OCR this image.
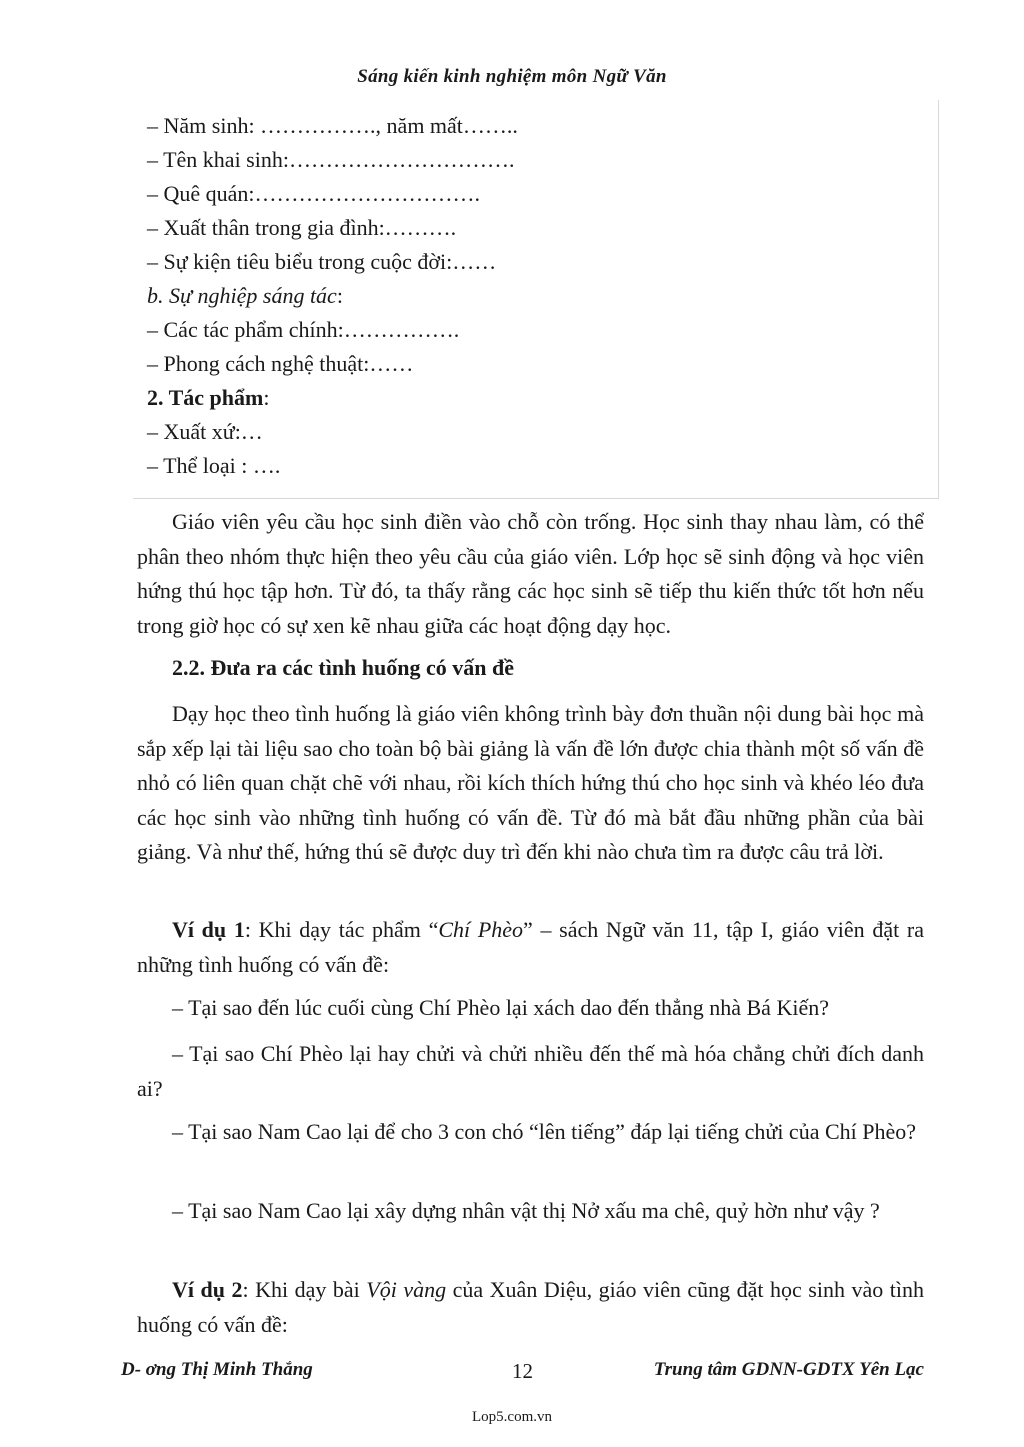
Sáng kiến kinh nghiệm môn Ngữ Văn
– Năm sinh: ……………., năm mất……..
– Tên khai sinh:………………………….
– Quê quán:………………………….
– Xuất thân trong gia đình:……….
– Sự kiện tiêu biểu trong cuộc đời:……
b. Sự nghiệp sáng tác:
– Các tác phẩm chính:…………….
– Phong cách nghệ thuật:……
2. Tác phẩm:
– Xuất xứ:…
– Thể loại : ….

Giáo viên yêu cầu học sinh điền vào chỗ còn trống. Học sinh thay nhau làm, có thể phân theo nhóm thực hiện theo yêu cầu của giáo viên. Lớp học sẽ sinh động và học viên hứng thú học tập hơn. Từ đó, ta thấy rằng các học sinh sẽ tiếp thu kiến thức tốt hơn nếu trong giờ học có sự xen kẽ nhau giữa các hoạt động dạy học.

2.2. Đưa ra các tình huống có vấn đề

Dạy học theo tình huống là giáo viên không trình bày đơn thuần nội dung bài học mà sắp xếp lại tài liệu sao cho toàn bộ bài giảng là vấn đề lớn được chia thành một số vấn đề nhỏ có liên quan chặt chẽ với nhau, rồi kích thích hứng thú cho học sinh và khéo léo đưa các học sinh vào những tình huống có vấn đề. Từ đó mà bắt đầu những phần của bài giảng. Và như thế, hứng thú sẽ được duy trì đến khi nào chưa tìm ra được câu trả lời.

Ví dụ 1: Khi dạy tác phẩm “Chí Phèo” – sách Ngữ văn 11, tập I, giáo viên đặt ra những tình huống có vấn đề:

– Tại sao đến lúc cuối cùng Chí Phèo lại xách dao đến thẳng nhà Bá Kiến?

– Tại sao Chí Phèo lại hay chửi và chửi nhiều đến thế mà hóa chẳng chửi đích danh ai?

– Tại sao Nam Cao lại để cho 3 con chó “lên tiếng” đáp lại tiếng chửi của Chí Phèo?

– Tại sao Nam Cao lại xây dựng nhân vật thị Nở xấu ma chê, quỷ hờn như vậy ?

Ví dụ 2: Khi dạy bài Vội vàng của Xuân Diệu, giáo viên cũng đặt học sinh vào tình huống có vấn đề:

D- ơng Thị Minh Thắng	12	Trung tâm GDNN-GDTX Yên Lạc
Lop5.com.vn
